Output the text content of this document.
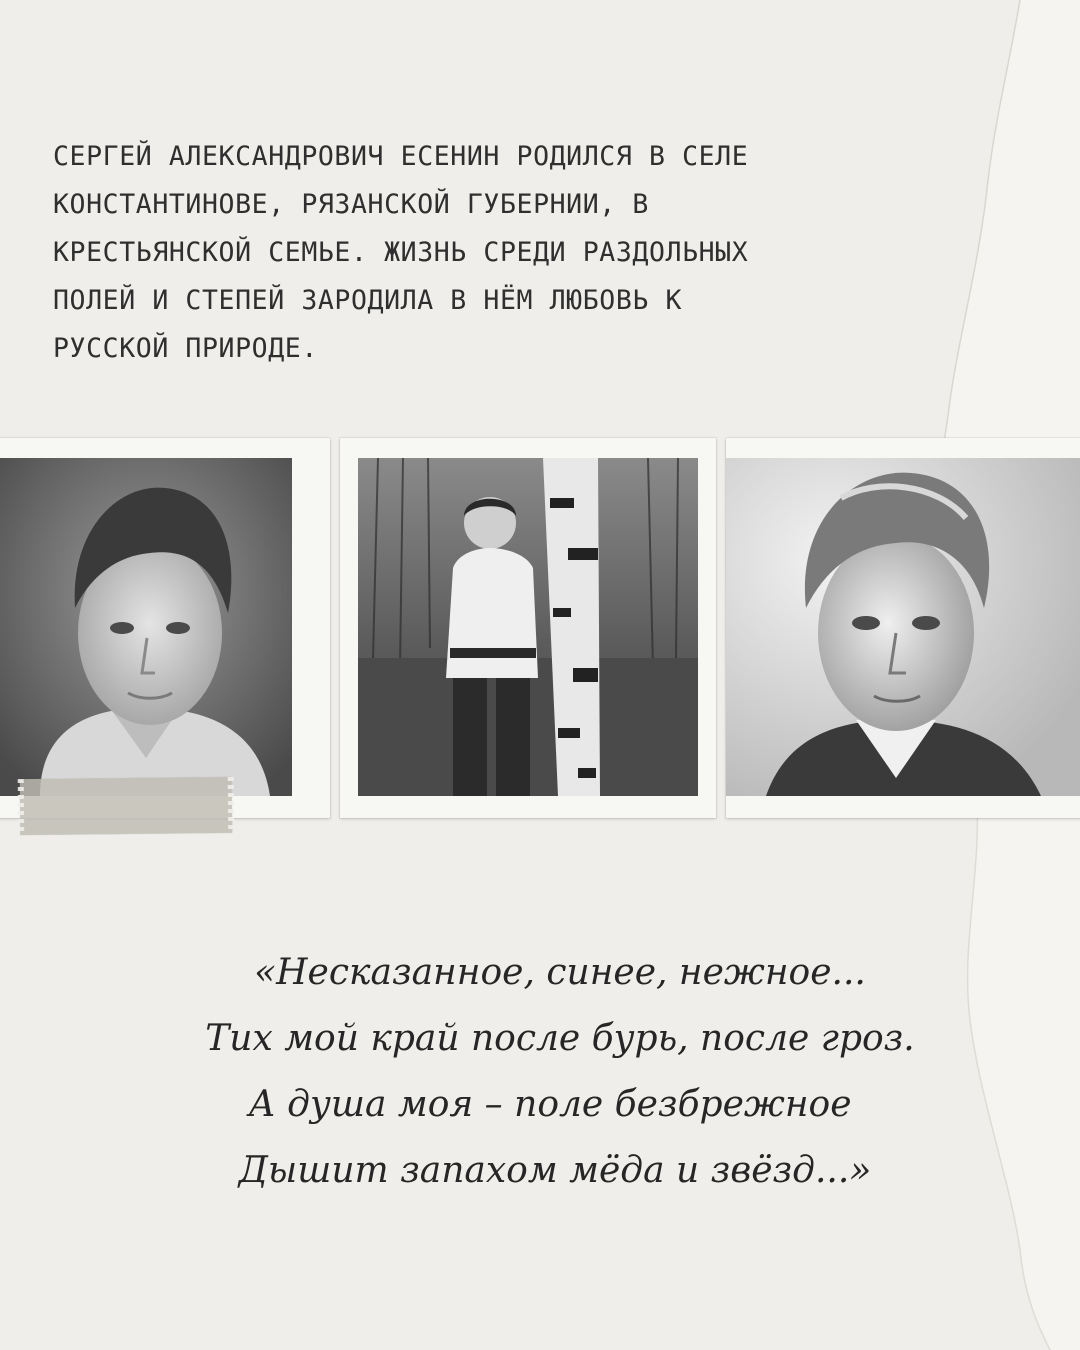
СЕРГЕЙ АЛЕКСАНДРОВИЧ ЕСЕНИН РОДИЛСЯ В СЕЛЕ
КОНСТАНТИНОВЕ, РЯЗАНСКОЙ ГУБЕРНИИ, В
КРЕСТЬЯНСКОЙ СЕМЬЕ. ЖИЗНЬ СРЕДИ РАЗДОЛЬНЫХ
ПОЛЕЙ И СТЕПЕЙ ЗАРОДИЛА В НЁМ ЛЮБОВЬ К
РУССКОЙ ПРИРОДЕ.
«Несказанное, синее, нежное...
Тих мой край после бурь, после гроз.
А душа моя – поле безбрежное
Дышит запахом мёда и звёзд...»
